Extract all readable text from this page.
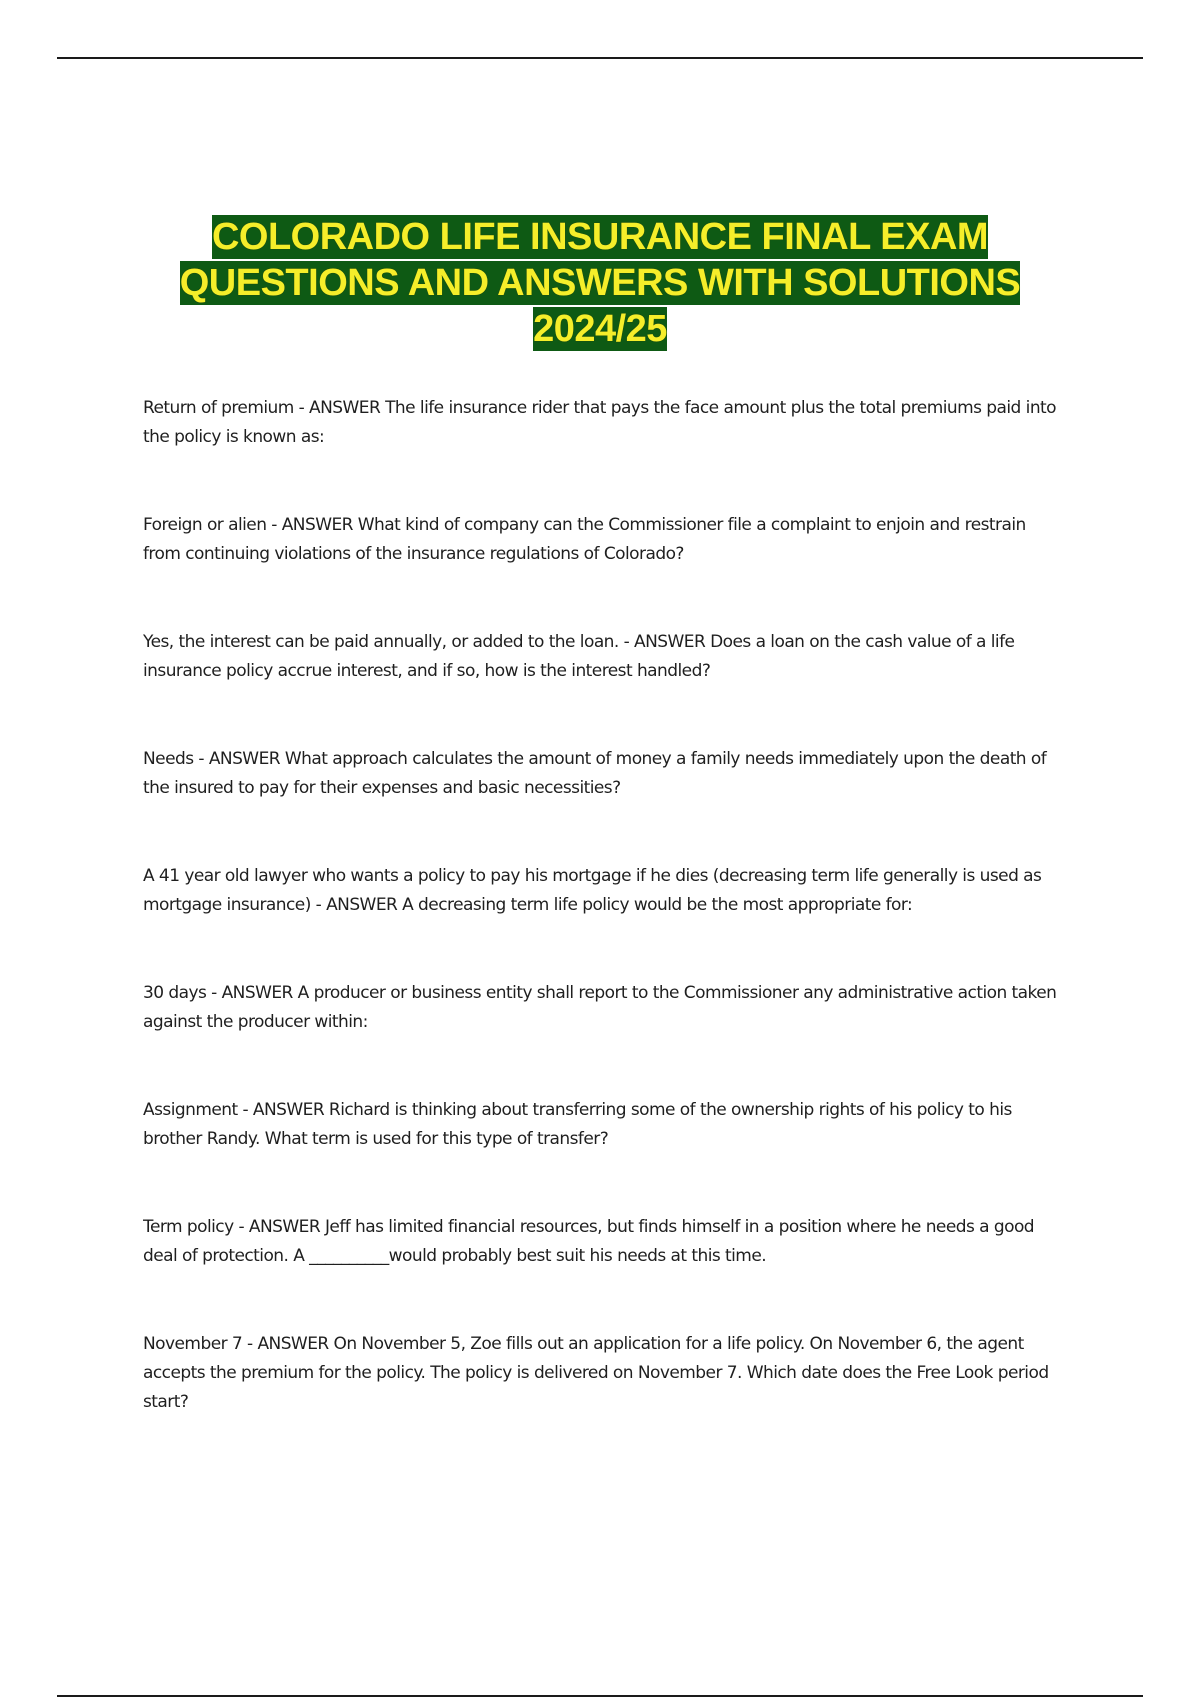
COLORADO LIFE INSURANCE FINAL EXAM
QUESTIONS AND ANSWERS WITH SOLUTIONS
2024/25

Return of premium - ANSWER The life insurance rider that pays the face amount plus the total premiums paid into the policy is known as:

Foreign or alien - ANSWER What kind of company can the Commissioner file a complaint to enjoin and restrain from continuing violations of the insurance regulations of Colorado?

Yes, the interest can be paid annually, or added to the loan. - ANSWER Does a loan on the cash value of a life insurance policy accrue interest, and if so, how is the interest handled?

Needs - ANSWER What approach calculates the amount of money a family needs immediately upon the death of the insured to pay for their expenses and basic necessities?

A 41 year old lawyer who wants a policy to pay his mortgage if he dies (decreasing term life generally is used as mortgage insurance) - ANSWER A decreasing term life policy would be the most appropriate for:

30 days - ANSWER A producer or business entity shall report to the Commissioner any administrative action taken against the producer within:

Assignment - ANSWER Richard is thinking about transferring some of the ownership rights of his policy to his brother Randy. What term is used for this type of transfer?

Term policy - ANSWER Jeff has limited financial resources, but finds himself in a position where he needs a good deal of protection. A __________would probably best suit his needs at this time.

November 7 - ANSWER On November 5, Zoe fills out an application for a life policy. On November 6, the agent accepts the premium for the policy. The policy is delivered on November 7. Which date does the Free Look period start?
